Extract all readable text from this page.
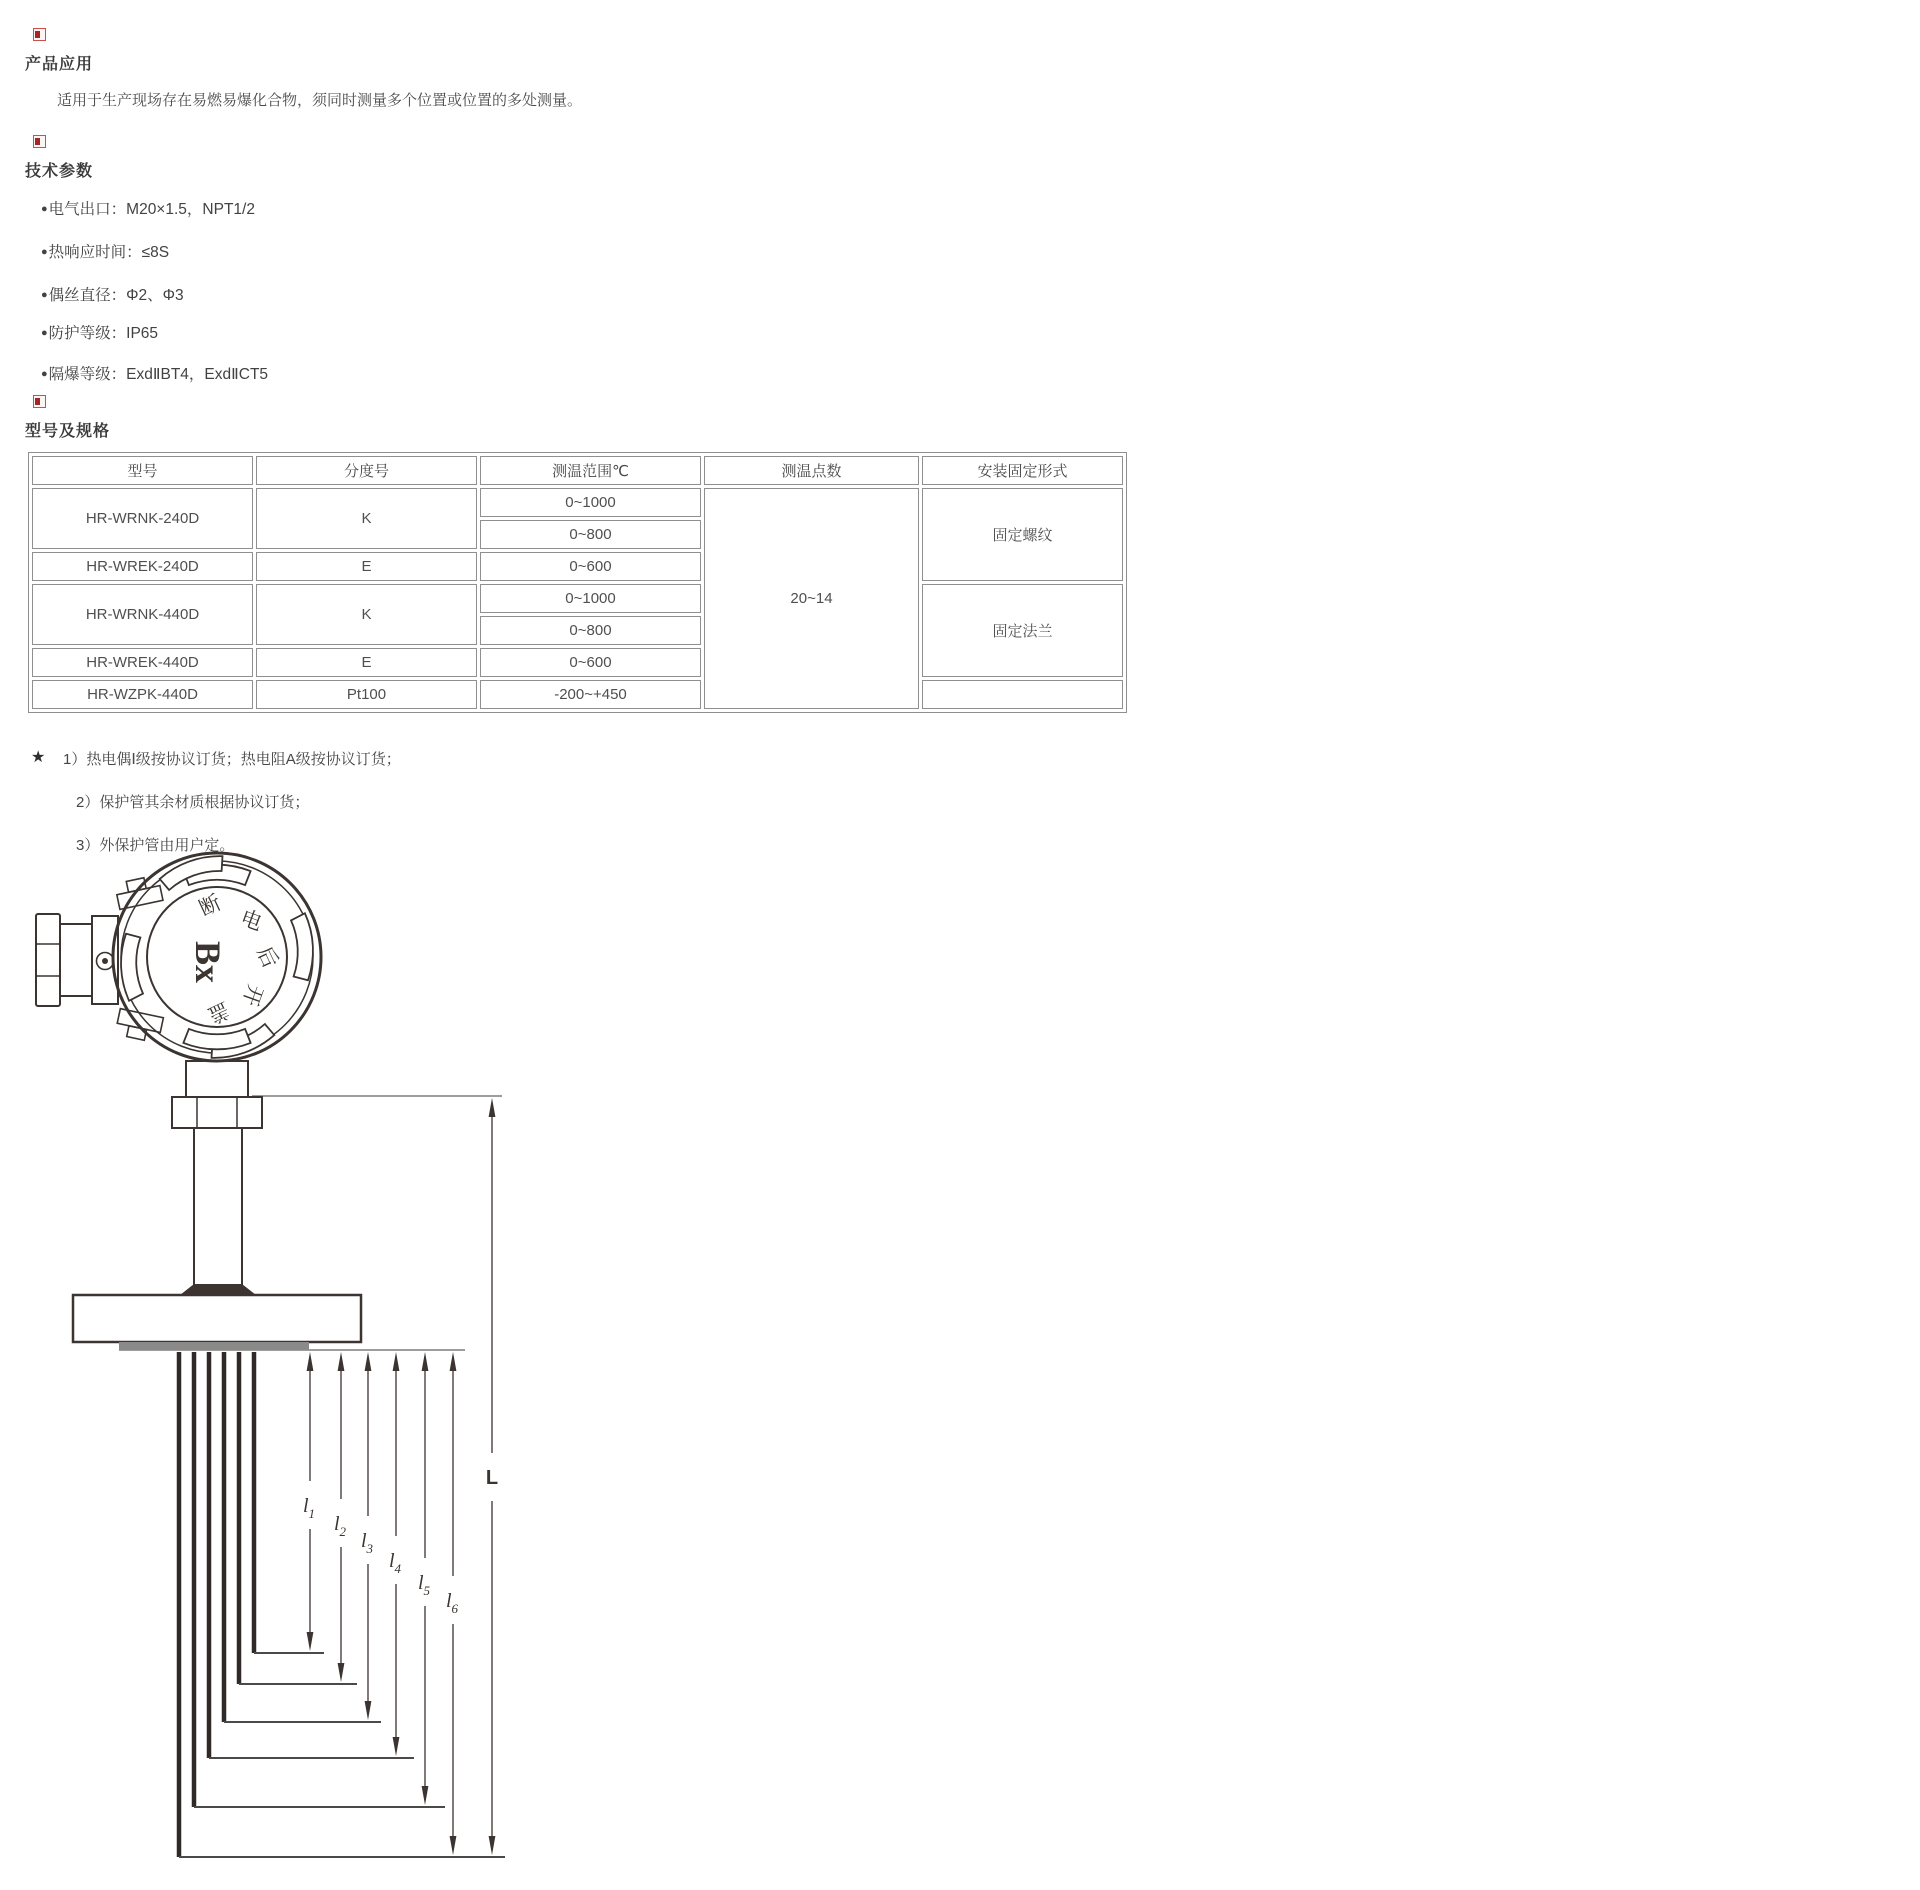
产品应用
适用于生产现场存在易燃易爆化合物，须同时测量多个位置或位置的多处测量。
技术参数
●电气出口：M20×1.5，NPT1/2
●热响应时间：≤8S
●偶丝直径：Φ2、Φ3
●防护等级：IP65
●隔爆等级：ExdⅡBT4，ExdⅡCT5
型号及规格
型号	分度号	测温范围℃	测温点数	安装固定形式
HR-WRNK-240D	K	0~1000	20~14	固定螺纹
		0~800		
HR-WREK-240D	E	0~600		
HR-WRNK-440D	K	0~1000		固定法兰
		0~800		
HR-WREK-440D	E	0~600		
HR-WZPK-440D	Pt100	-200~+450		
★ 1）热电偶Ⅰ级按协议订货；热电阻A级按协议订货；
2）保护管其余材质根据协议订货；
3）外保护管由用户定。
Bx
断 电
后
开
盖
$l_1$ $l_2$ $l_3$
$l_4$
$l_5$ $l_6$
L
